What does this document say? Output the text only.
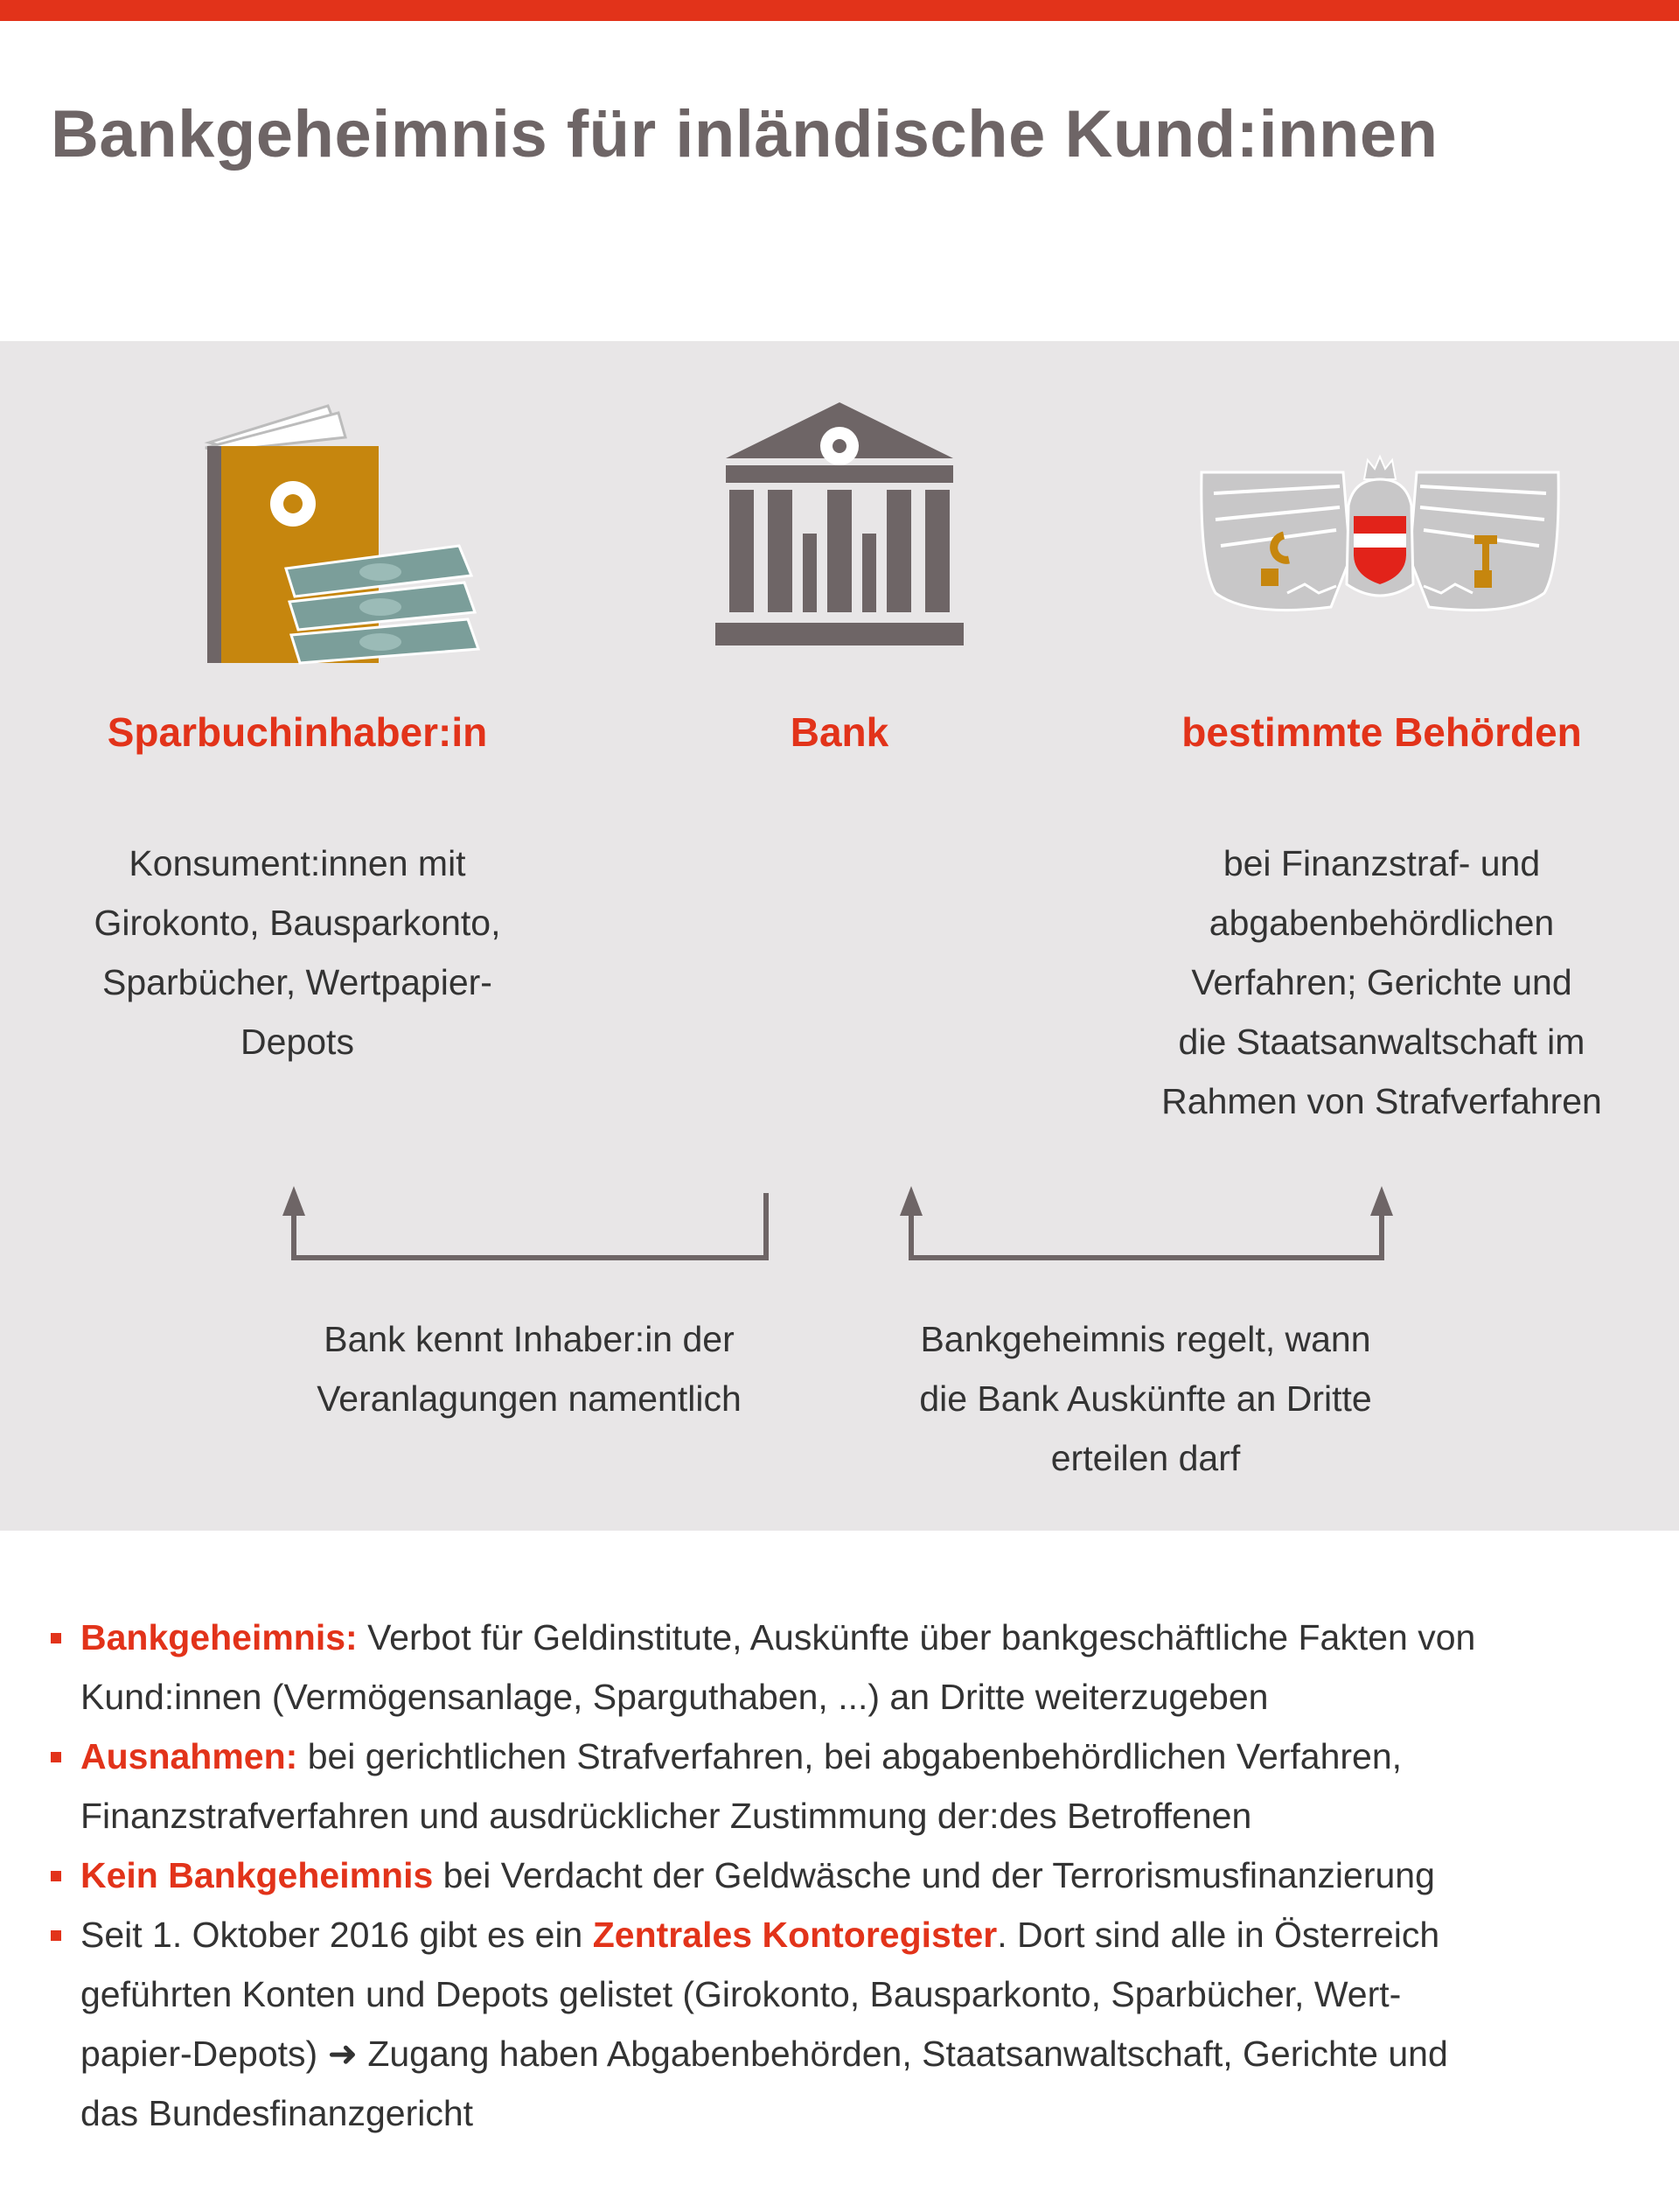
Bankgeheimnis für inländische Kund:innen
Sparbuchinhaber:in	Bank	bestimmte Behörden
Konsument:innen mit
Girokonto, Bausparkonto,
Sparbücher, Wertpapier-
Depots
bei Finanzstraf- und
abgabenbehördlichen
Verfahren; Gerichte und
die Staatsanwaltschaft im
Rahmen von Strafverfahren
Bank kennt Inhaber:in der
Veranlagungen namentlich
Bankgeheimnis regelt, wann
die Bank Auskünfte an Dritte
erteilen darf
Bankgeheimnis: Verbot für Geldinstitute, Auskünfte über bankgeschäftliche Fakten von
Kund:innen (Vermögensanlage, Sparguthaben, ...) an Dritte weiterzugeben
Ausnahmen: bei gerichtlichen Strafverfahren, bei abgabenbehördlichen Verfahren,
Finanzstrafverfahren und ausdrücklicher Zustimmung der:des Betroffenen
Kein Bankgeheimnis bei Verdacht der Geldwäsche und der Terrorismusfinanzierung
Seit 1. Oktober 2016 gibt es ein Zentrales Kontoregister. Dort sind alle in Österreich
geführten Konten und Depots gelistet (Girokonto, Bausparkonto, Sparbücher, Wert-
papier-Depots) ➜ Zugang haben Abgabenbehörden, Staatsanwaltschaft, Gerichte und
das Bundesfinanzgericht
